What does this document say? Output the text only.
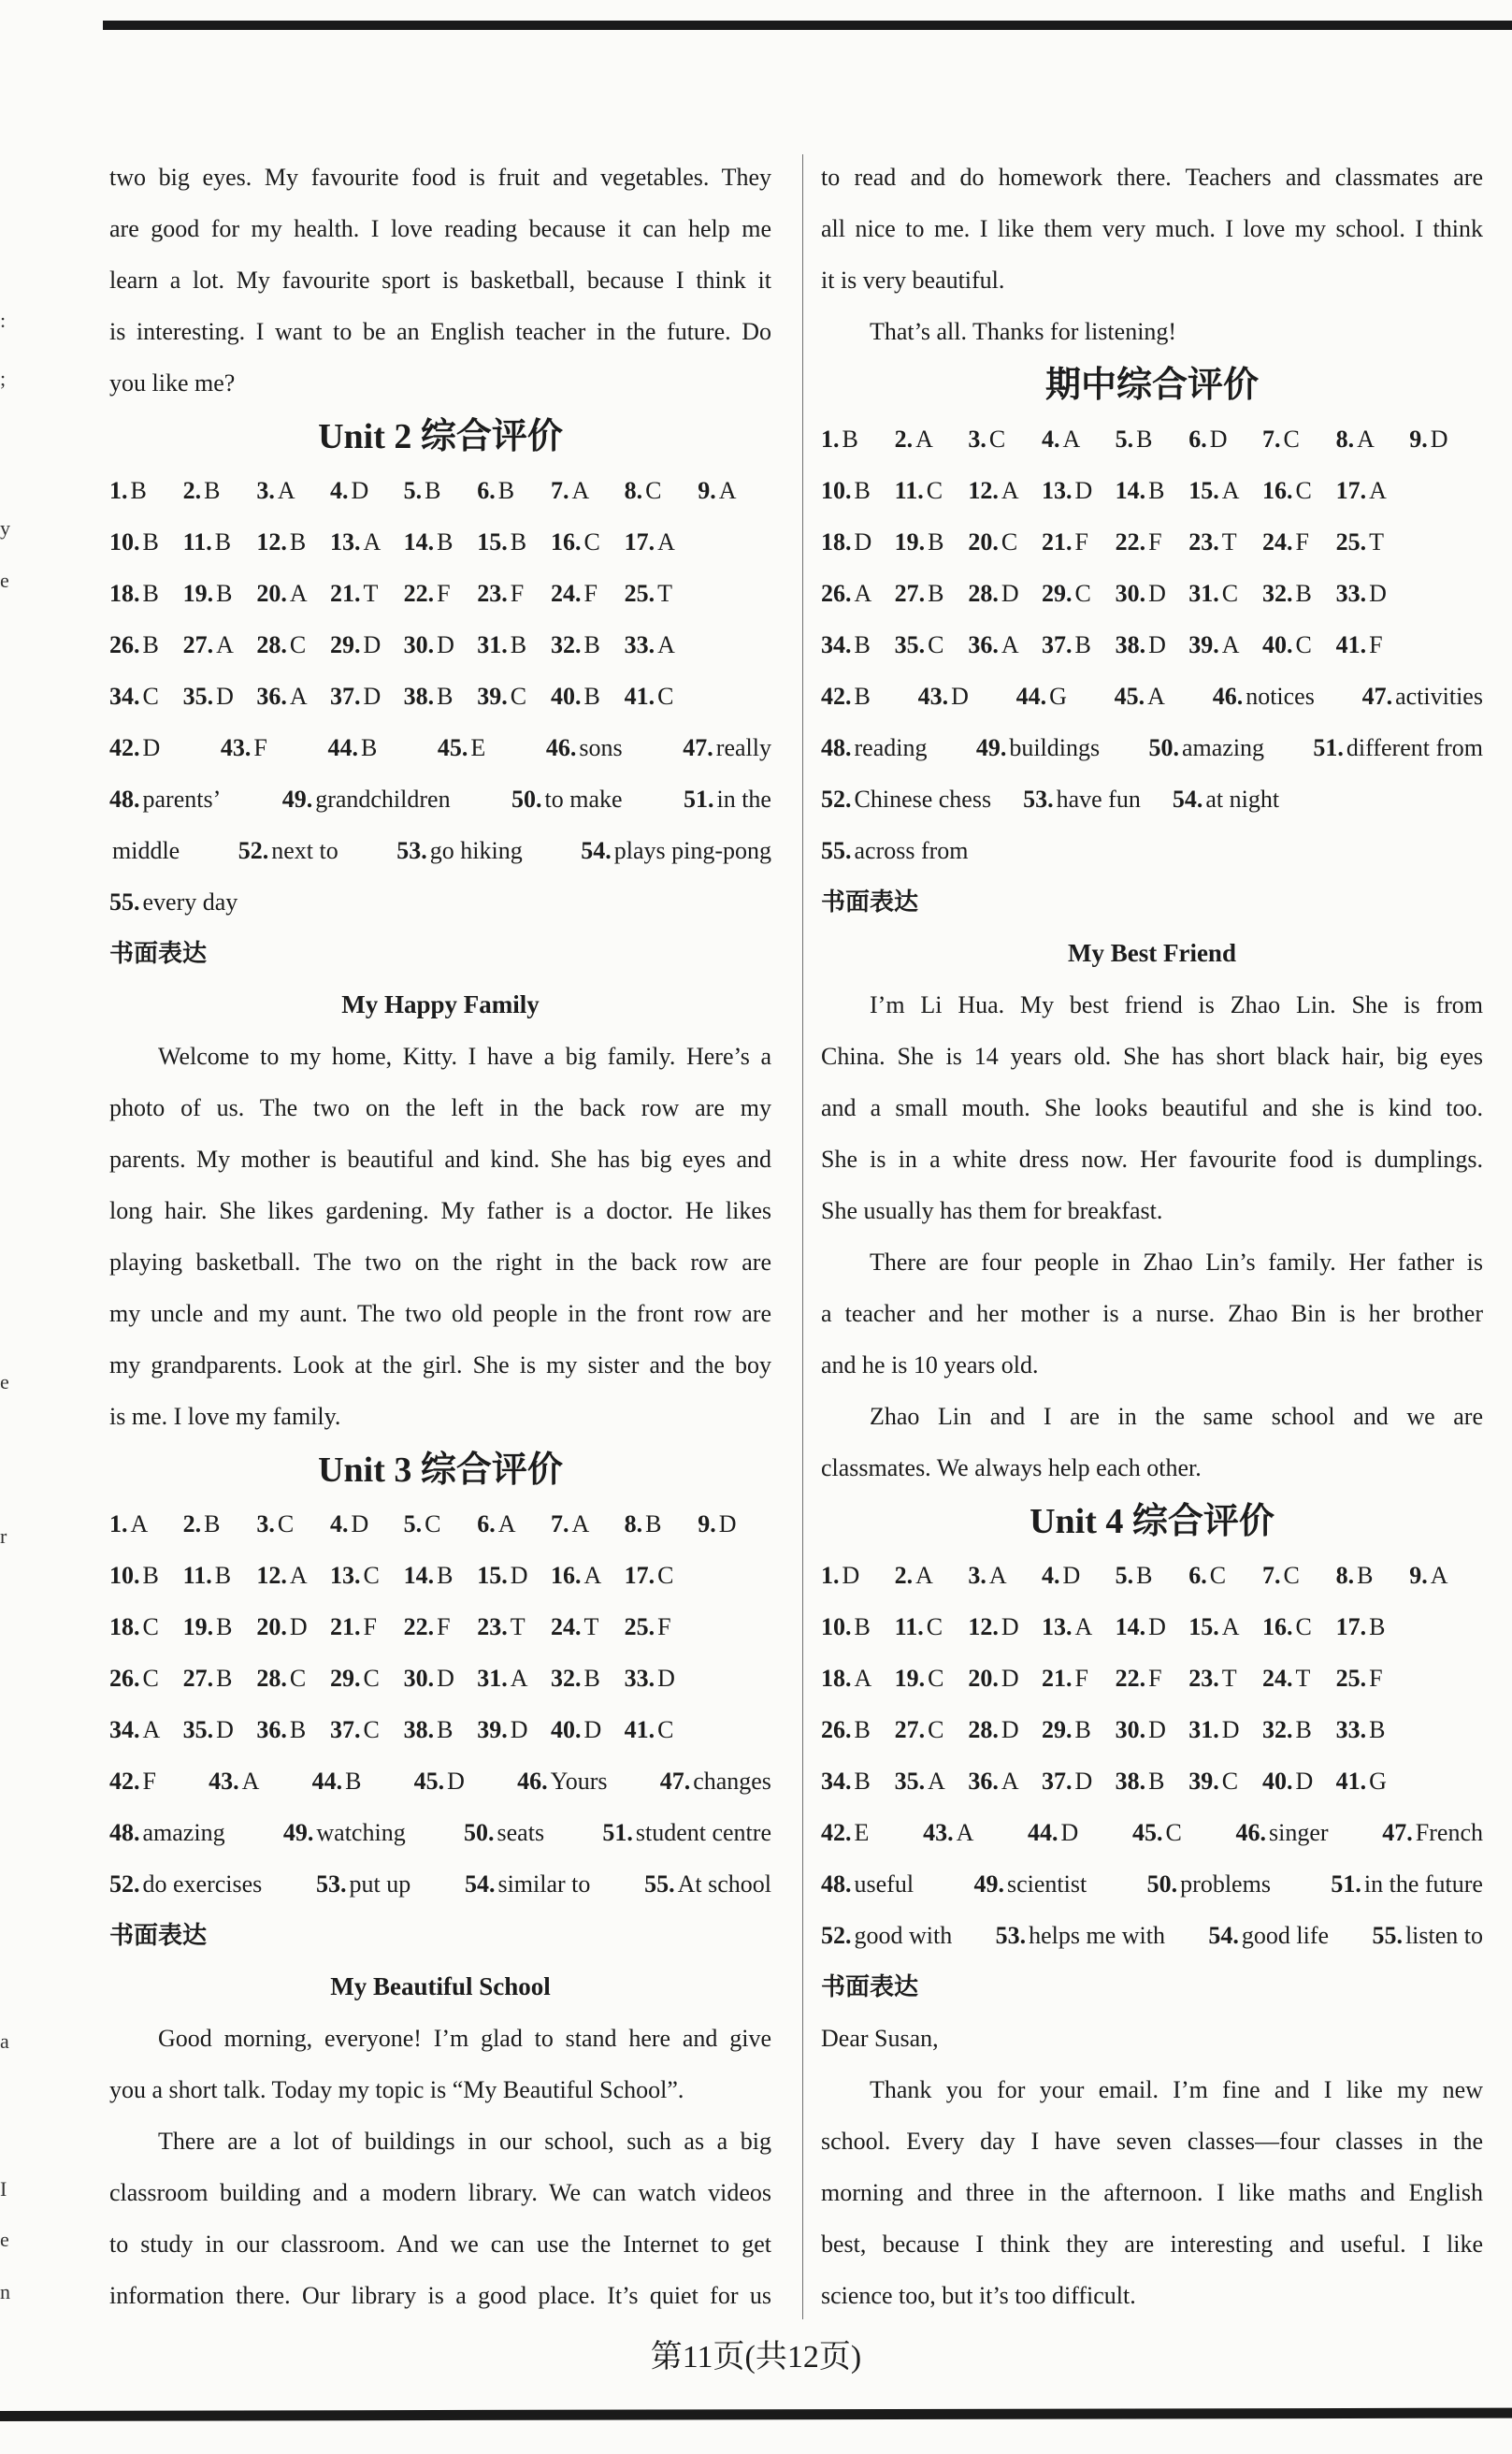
:
;
y
e
e
r
a
I
e
n
two big eyes. My favourite food is fruit and vegetables. They
are good for my health. I love reading because it can help me
learn a lot. My favourite sport is basketball, because I think it
is interesting. I want to be an English teacher in the future. Do
you like me?
Unit 2 综合评价
1. B	2. B	3. A	4. D	5. B	6. B	7. A	8. C	9. A
10. B 11. B	12. B 13. A 14. B 15. B 16. C 17. A
18. B 19. B 20. A 21. T	22. F	23. F	24. F	25. T
26. B 27. A 28. C 29. D 30. D 31. B 32. B 33. A
34. C 35. D 36. A 37. D 38. B 39. C 40. B 41. C
42. D 43. F 44. B 45. E 46. sons 47. really
48. parents’	49. grandchildren	50. to make	51. in the
middle 52. next to 53. go hiking 54. plays ping-pong
55. every day
书面表达
My Happy Family
Welcome to my home, Kitty. I have a big family. Here’s a
photo of us. The two on the left in the back row are my
parents. My mother is beautiful and kind. She has big eyes and
long hair. She likes gardening. My father is a doctor. He likes
playing basketball. The two on the right in the back row are
my uncle and my aunt. The two old people in the front row are
my grandparents. Look at the girl. She is my sister and the boy
is me. I love my family.
Unit 3 综合评价
1. A	2. B	3. C	4. D	5. C	6. A	7. A	8. B	9. D
10. B 11. B	12. A 13. C 14. B 15. D 16. A 17. C
18. C 19. B 20. D 21. F	22. F	23. T	24. T	25. F
26. C 27. B 28. C 29. C 30. D 31. A 32. B 33. D
34. A 35. D 36. B 37. C 38. B 39. D 40. D 41. C
42. F 43. A 44. B 45. D 46. Yours 47. changes
48. amazing 49. watching 50. seats 51. student centre
52. do exercises 53. put up 54. similar to 55. At school
书面表达
My Beautiful School
Good morning, everyone! I’m glad to stand here and give
you a short talk. Today my topic is “My Beautiful School”.
There are a lot of buildings in our school, such as a big
classroom building and a modern library. We can watch videos
to study in our classroom. And we can use the Internet to get
information there. Our library is a good place. It’s quiet for us
to read and do homework there. Teachers and classmates are
all nice to me. I like them very much. I love my school. I think
it is very beautiful.
That’s all. Thanks for listening!
期中综合评价
1. B	2. A	3. C	4. A	5. B	6. D	7. C	8. A	9. D
10. B 11. C	12. A 13. D 14. B 15. A 16. C 17. A
18. D 19. B 20. C 21. F	22. F	23. T	24. F	25. T
26. A 27. B 28. D 29. C 30. D 31. C 32. B 33. D
34. B 35. C 36. A 37. B 38. D 39. A 40. C 41. F
42. B 43. D 44. G 45. A 46. notices 47. activities
48. reading 49. buildings 50. amazing 51. different from
52. Chinese chess 53. have fun 54. at night
55. across from
书面表达
My Best Friend
I’m Li Hua. My best friend is Zhao Lin. She is from
China. She is 14 years old. She has short black hair, big eyes
and a small mouth. She looks beautiful and she is kind too.
She is in a white dress now. Her favourite food is dumplings.
She usually has them for breakfast.
There are four people in Zhao Lin’s family. Her father is
a teacher and her mother is a nurse. Zhao Bin is her brother
and he is 10 years old.
Zhao Lin and I are in the same school and we are
classmates. We always help each other.
Unit 4 综合评价
1. D	2. A	3. A	4. D	5. B	6. C	7. C	8. B	9. A
10. B 11. C	12. D 13. A 14. D 15. A 16. C 17. B
18. A 19. C 20. D 21. F	22. F	23. T	24. T	25. F
26. B 27. C 28. D 29. B 30. D 31. D 32. B 33. B
34. B 35. A 36. A 37. D 38. B 39. C 40. D 41. G
42. E 43. A 44. D 45. C 46. singer 47. French
48. useful 49. scientist 50. problems 51. in the future
52. good with 53. helps me with 54. good life 55. listen to
书面表达
Dear Susan,
Thank you for your email. I’m fine and I like my new
school. Every day I have seven classes—four classes in the
morning and three in the afternoon. I like maths and English
best, because I think they are interesting and useful. I like
science too, but it’s too difficult.
第11页(共12页)
